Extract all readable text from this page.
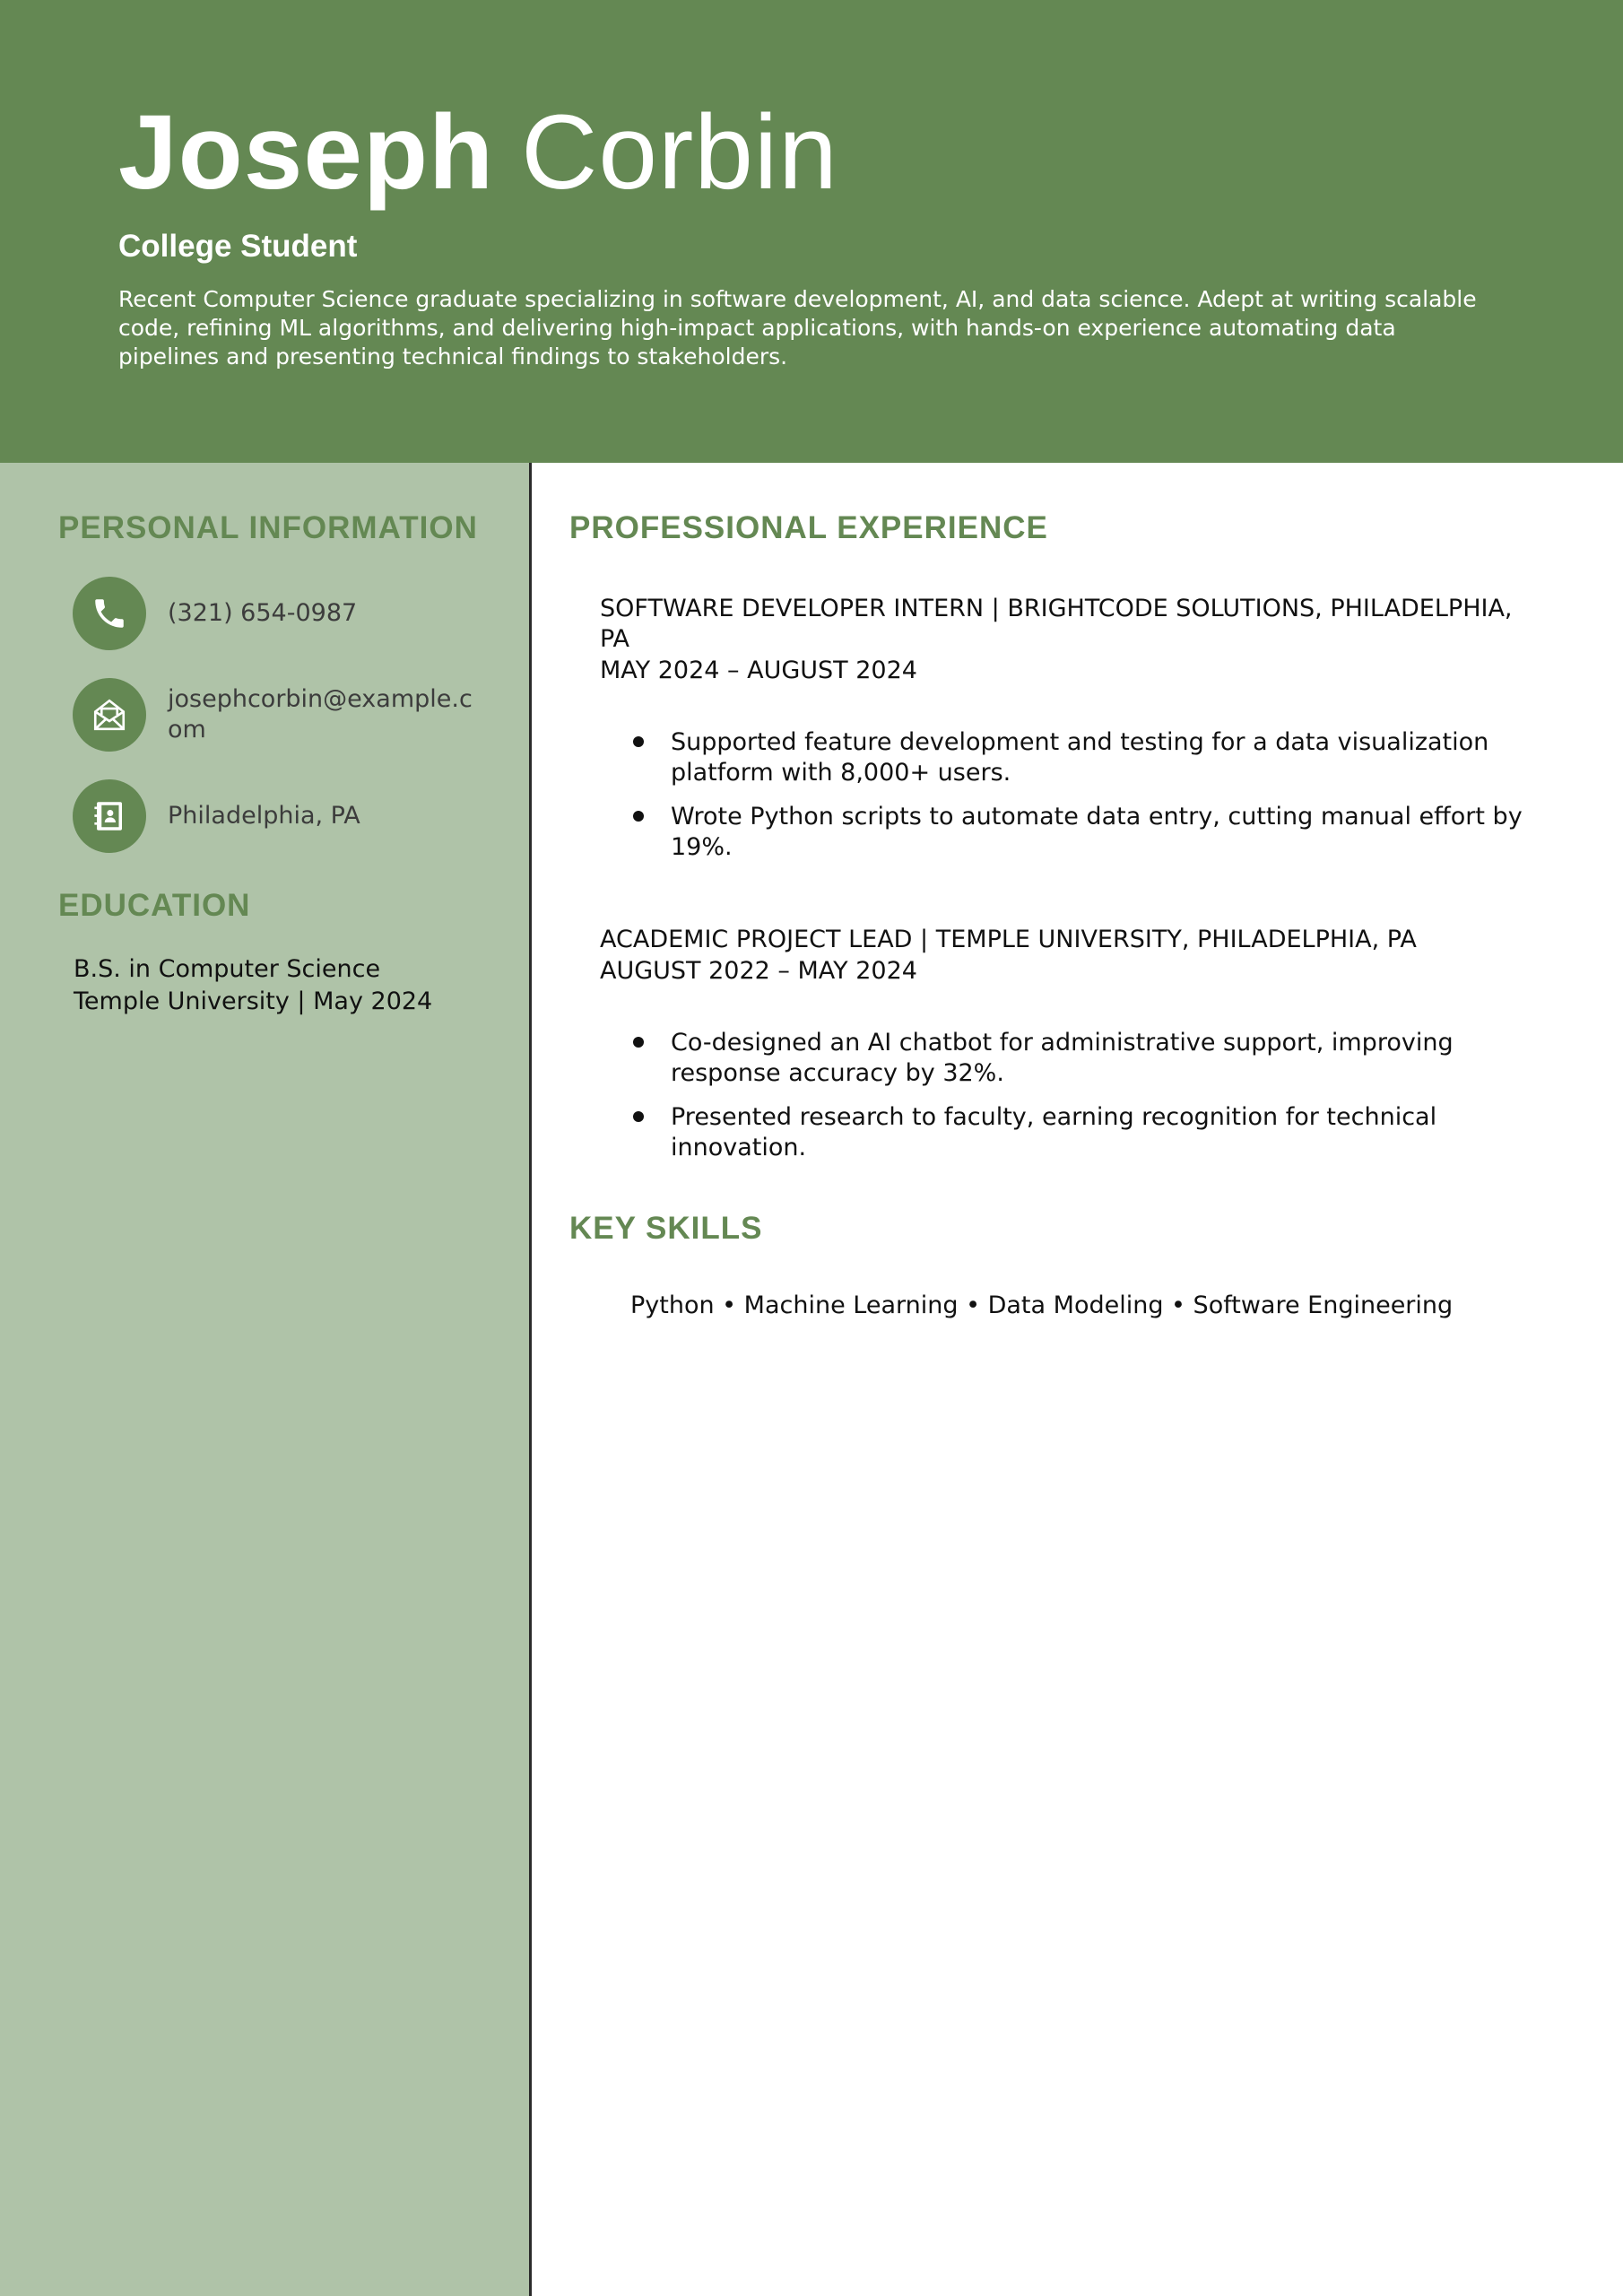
Joseph Corbin
College Student
Recent Computer Science graduate specializing in software development, AI, and data science. Adept at writing scalable code, refining ML algorithms, and delivering high-impact applications, with hands-on experience automating data pipelines and presenting technical findings to stakeholders.
PERSONAL INFORMATION
(321) 654-0987
josephcorbin@example.com
Philadelphia, PA
EDUCATION
B.S. in Computer Science
Temple University | May 2024
PROFESSIONAL EXPERIENCE
SOFTWARE DEVELOPER INTERN | BRIGHTCODE SOLUTIONS, PHILADELPHIA, PA
MAY 2024 – AUGUST 2024
Supported feature development and testing for a data visualization platform with 8,000+ users.
Wrote Python scripts to automate data entry, cutting manual effort by 19%.
ACADEMIC PROJECT LEAD | TEMPLE UNIVERSITY, PHILADELPHIA, PA
AUGUST 2022 – MAY 2024
Co-designed an AI chatbot for administrative support, improving response accuracy by 32%.
Presented research to faculty, earning recognition for technical innovation.
KEY SKILLS
Python • Machine Learning • Data Modeling • Software Engineering
